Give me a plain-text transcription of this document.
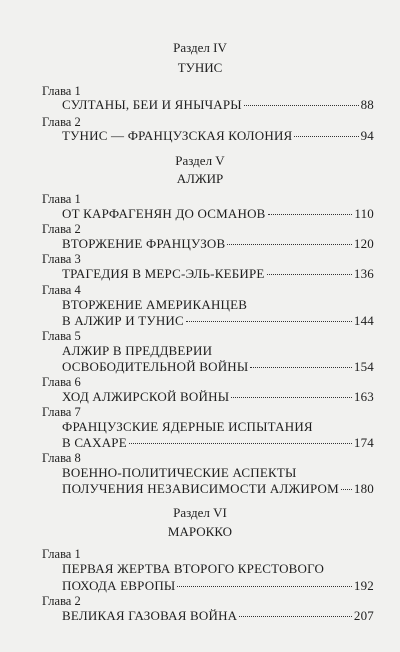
Раздел IV
ТУНИС
Глава 1
СУЛТАНЫ, БЕИ И ЯНЫЧАРЫ	88
Глава 2
ТУНИС — ФРАНЦУЗСКАЯ КОЛОНИЯ	94
Раздел V
АЛЖИР
Глава 1
ОТ КАРФАГЕНЯН ДО ОСМАНОВ	110
Глава 2
ВТОРЖЕНИЕ ФРАНЦУЗОВ	120
Глава 3
ТРАГЕДИЯ В МЕРС-ЭЛЬ-КЕБИРЕ	136
Глава 4
ВТОРЖЕНИЕ АМЕРИКАНЦЕВ
В АЛЖИР И ТУНИС	144
Глава 5
АЛЖИР В ПРЕДДВЕРИИ
ОСВОБОДИТЕЛЬНОЙ ВОЙНЫ	154
Глава 6
ХОД АЛЖИРСКОЙ ВОЙНЫ	163
Глава 7
ФРАНЦУЗСКИЕ ЯДЕРНЫЕ ИСПЫТАНИЯ
В САХАРЕ	174
Глава 8
ВОЕННО-ПОЛИТИЧЕСКИЕ АСПЕКТЫ
ПОЛУЧЕНИЯ НЕЗАВИСИМОСТИ АЛЖИРОМ 180
Раздел VI
МАРОККО
Глава 1
ПЕРВАЯ ЖЕРТВА ВТОРОГО КРЕСТОВОГО
ПОХОДА ЕВРОПЫ	192
Глава 2
ВЕЛИКАЯ ГАЗОВАЯ ВОЙНА	207
